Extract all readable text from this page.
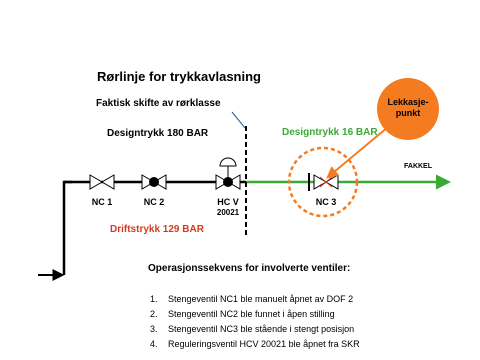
Rørlinje for trykkavlasning
Faktisk skifte av rørklasse
Designtrykk 180 BAR	Designtrykk 16 BAR
Driftstrykk 129 BAR
NC 1	NC 2	HC V
20021
NC 3
FAKKEL
Lekkasje-
punkt
Operasjonssekvens for involverte ventiler:
1. Stengeventil NC1 ble manuelt åpnet av DOF 2
2. Stengeventil NC2 ble funnet i åpen stilling
3. Stengeventil NC3 ble stående i stengt posisjon
4. Reguleringsventil HCV 20021 ble åpnet fra SKR
